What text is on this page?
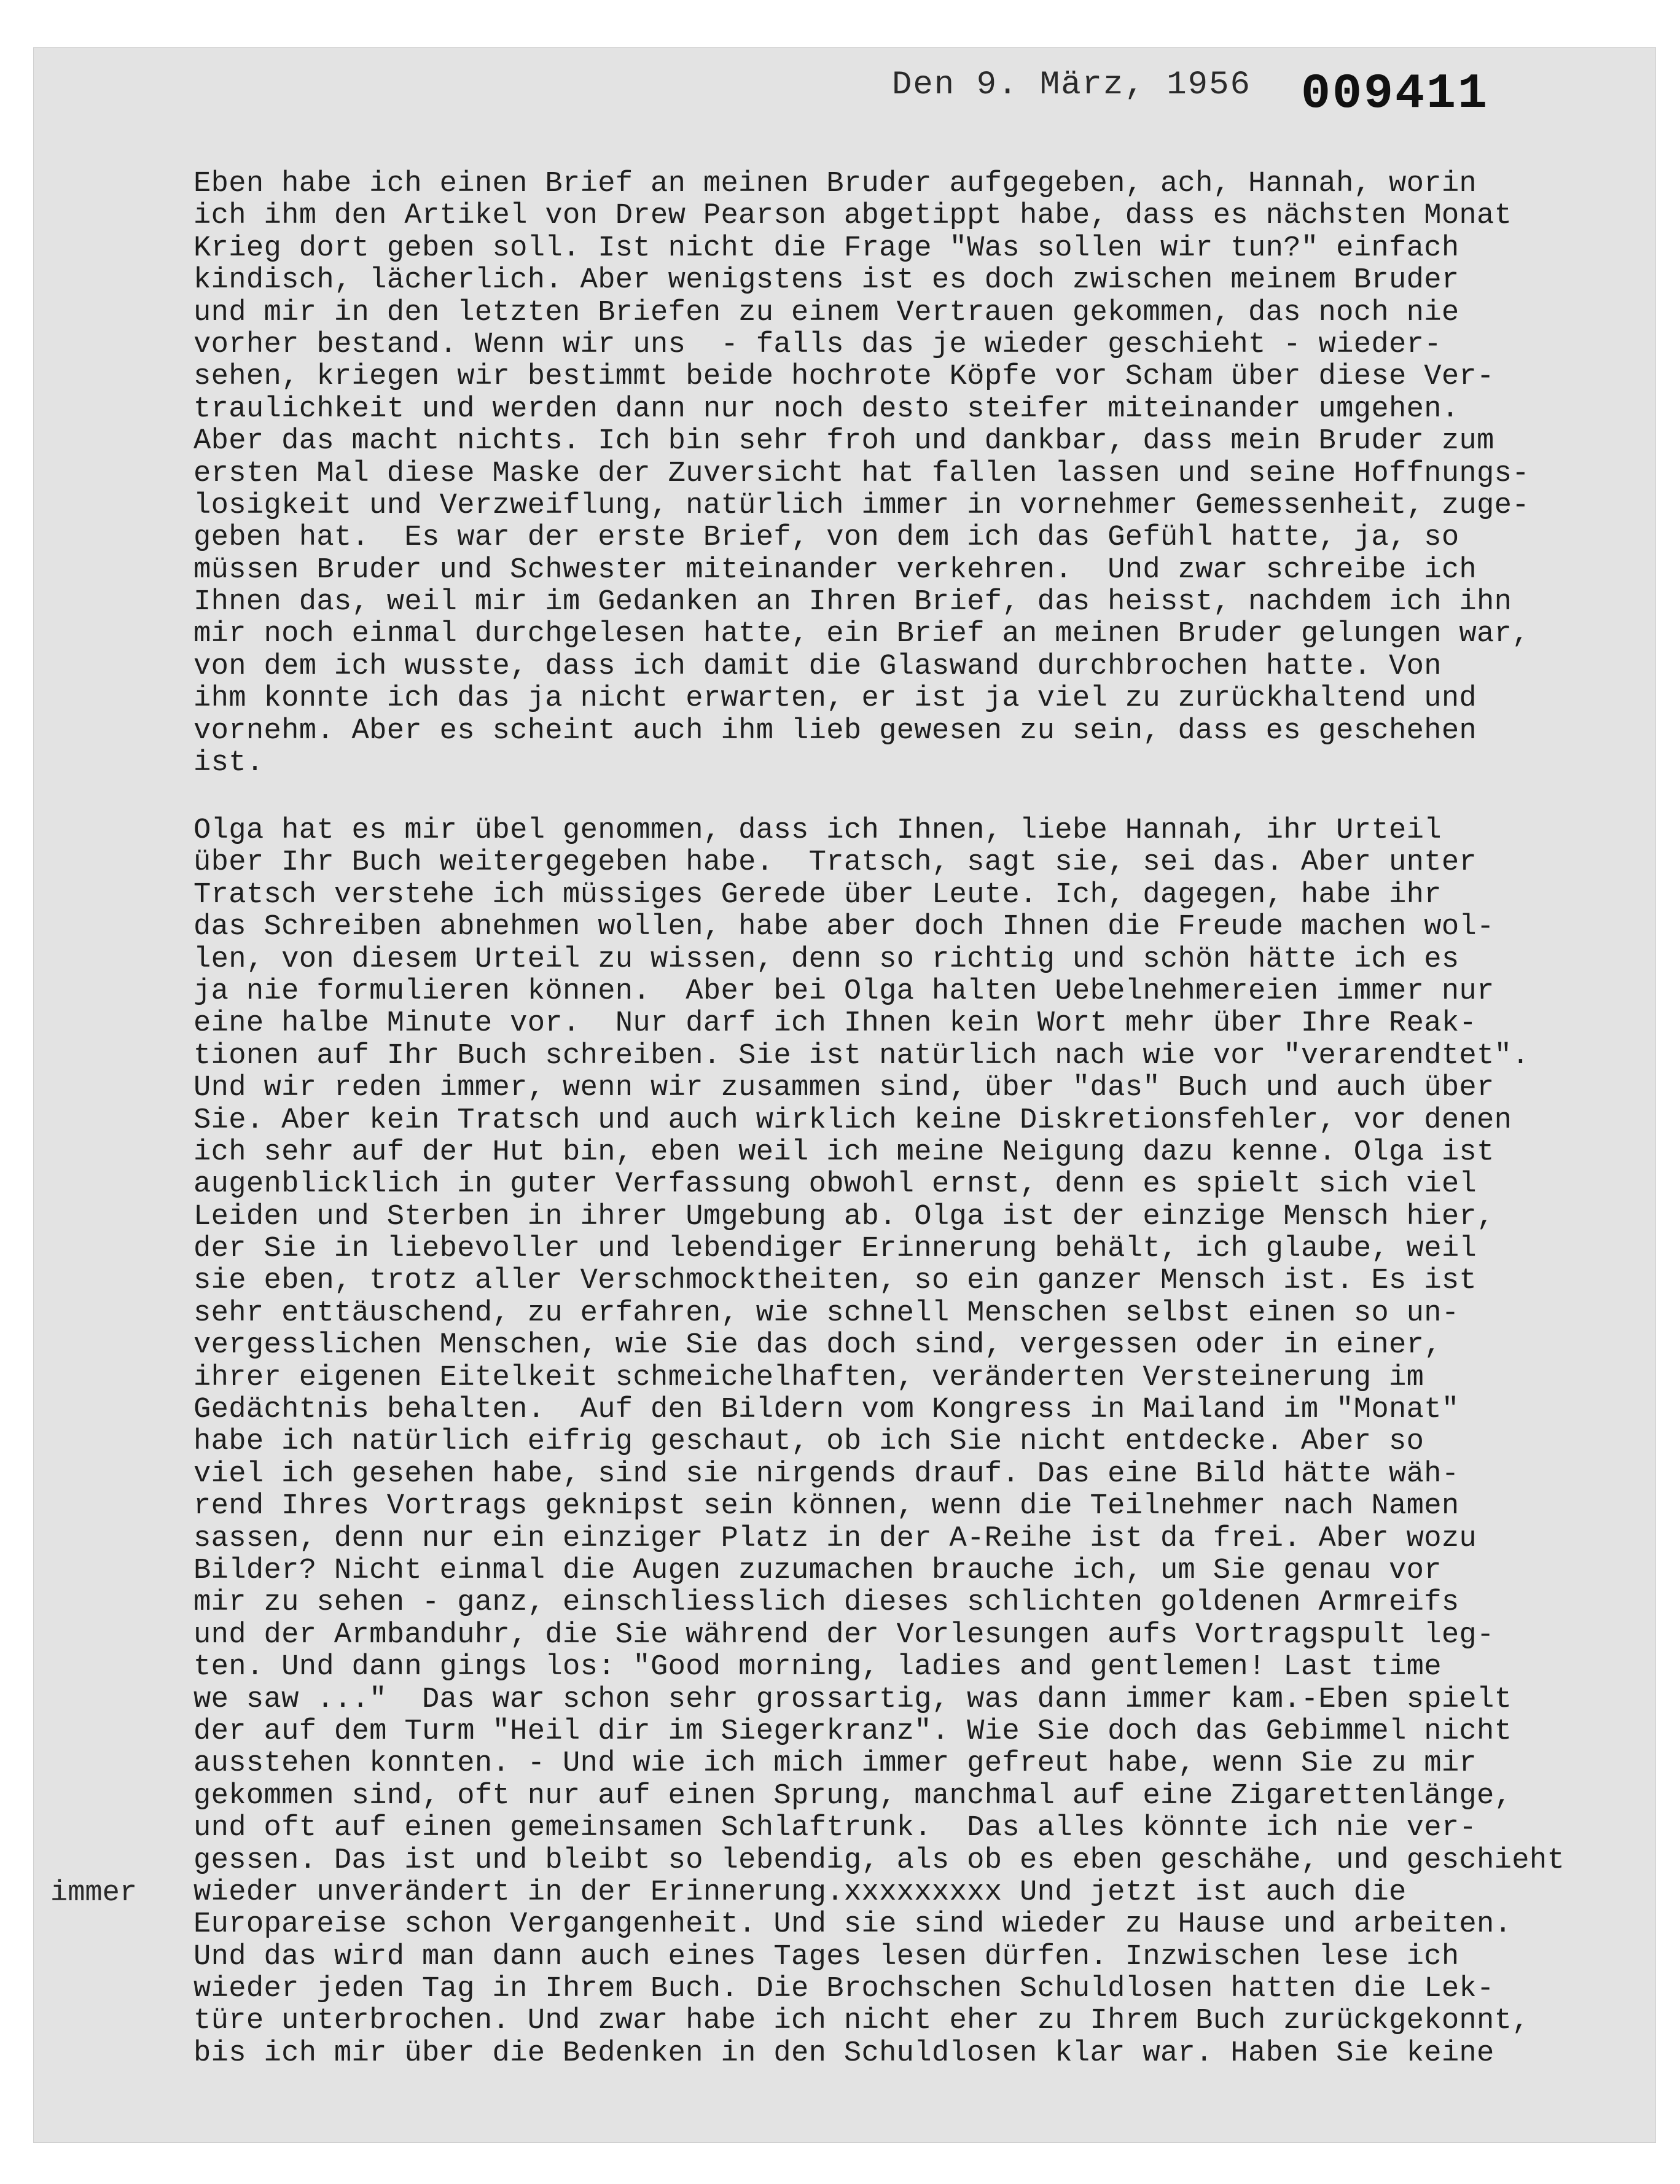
Den 9. März, 1956 009411
Eben habe ich einen Brief an meinen Bruder aufgegeben, ach, Hannah, worin
ich ihm den Artikel von Drew Pearson abgetippt habe, dass es nächsten Monat
Krieg dort geben soll. Ist nicht die Frage "Was sollen wir tun?" einfach
kindisch, lächerlich. Aber wenigstens ist es doch zwischen meinem Bruder
und mir in den letzten Briefen zu einem Vertrauen gekommen, das noch nie
vorher bestand. Wenn wir uns  - falls das je wieder geschieht - wieder-
sehen, kriegen wir bestimmt beide hochrote Köpfe vor Scham über diese Ver-
traulichkeit und werden dann nur noch desto steifer miteinander umgehen.
Aber das macht nichts. Ich bin sehr froh und dankbar, dass mein Bruder zum
ersten Mal diese Maske der Zuversicht hat fallen lassen und seine Hoffnungs-
losigkeit und Verzweiflung, natürlich immer in vornehmer Gemessenheit, zuge-
geben hat.  Es war der erste Brief, von dem ich das Gefühl hatte, ja, so
müssen Bruder und Schwester miteinander verkehren.  Und zwar schreibe ich
Ihnen das, weil mir im Gedanken an Ihren Brief, das heisst, nachdem ich ihn
mir noch einmal durchgelesen hatte, ein Brief an meinen Bruder gelungen war,
von dem ich wusste, dass ich damit die Glaswand durchbrochen hatte. Von
ihm konnte ich das ja nicht erwarten, er ist ja viel zu zurückhaltend und
vornehm. Aber es scheint auch ihm lieb gewesen zu sein, dass es geschehen
ist.
Olga hat es mir übel genommen, dass ich Ihnen, liebe Hannah, ihr Urteil
über Ihr Buch weitergegeben habe.  Tratsch, sagt sie, sei das. Aber unter
Tratsch verstehe ich müssiges Gerede über Leute. Ich, dagegen, habe ihr
das Schreiben abnehmen wollen, habe aber doch Ihnen die Freude machen wol-
len, von diesem Urteil zu wissen, denn so richtig und schön hätte ich es
ja nie formulieren können.  Aber bei Olga halten Uebelnehmereien immer nur
eine halbe Minute vor.  Nur darf ich Ihnen kein Wort mehr über Ihre Reak-
tionen auf Ihr Buch schreiben. Sie ist natürlich nach wie vor "verarendtet".
Und wir reden immer, wenn wir zusammen sind, über "das" Buch und auch über
Sie. Aber kein Tratsch und auch wirklich keine Diskretionsfehler, vor denen
ich sehr auf der Hut bin, eben weil ich meine Neigung dazu kenne. Olga ist
augenblicklich in guter Verfassung obwohl ernst, denn es spielt sich viel
Leiden und Sterben in ihrer Umgebung ab. Olga ist der einzige Mensch hier,
der Sie in liebevoller und lebendiger Erinnerung behält, ich glaube, weil
sie eben, trotz aller Verschmocktheiten, so ein ganzer Mensch ist. Es ist
sehr enttäuschend, zu erfahren, wie schnell Menschen selbst einen so un-
vergesslichen Menschen, wie Sie das doch sind, vergessen oder in einer,
ihrer eigenen Eitelkeit schmeichelhaften, veränderten Versteinerung im
Gedächtnis behalten.  Auf den Bildern vom Kongress in Mailand im "Monat"
habe ich natürlich eifrig geschaut, ob ich Sie nicht entdecke. Aber so
viel ich gesehen habe, sind sie nirgends drauf. Das eine Bild hätte wäh-
rend Ihres Vortrags geknipst sein können, wenn die Teilnehmer nach Namen
sassen, denn nur ein einziger Platz in der A-Reihe ist da frei. Aber wozu
Bilder? Nicht einmal die Augen zuzumachen brauche ich, um Sie genau vor
mir zu sehen - ganz, einschliesslich dieses schlichten goldenen Armreifs
und der Armbanduhr, die Sie während der Vorlesungen aufs Vortragspult leg-
ten. Und dann gings los: "Good morning, ladies and gentlemen! Last time
we saw ..."  Das war schon sehr grossartig, was dann immer kam.-Eben spielt
der auf dem Turm "Heil dir im Siegerkranz". Wie Sie doch das Gebimmel nicht
ausstehen konnten. - Und wie ich mich immer gefreut habe, wenn Sie zu mir
gekommen sind, oft nur auf einen Sprung, manchmal auf eine Zigarettenlänge,
und oft auf einen gemeinsamen Schlaftrunk.  Das alles könnte ich nie ver-
gessen. Das ist und bleibt so lebendig, als ob es eben geschähe, und geschieht
wieder unverändert in der Erinnerung.xxxxxxxxx Und jetzt ist auch die
Europareise schon Vergangenheit. Und sie sind wieder zu Hause und arbeiten.
Und das wird man dann auch eines Tages lesen dürfen. Inzwischen lese ich
wieder jeden Tag in Ihrem Buch. Die Brochschen Schuldlosen hatten die Lek-
türe unterbrochen. Und zwar habe ich nicht eher zu Ihrem Buch zurückgekonnt,
bis ich mir über die Bedenken in den Schuldlosen klar war. Haben Sie keine
immer
